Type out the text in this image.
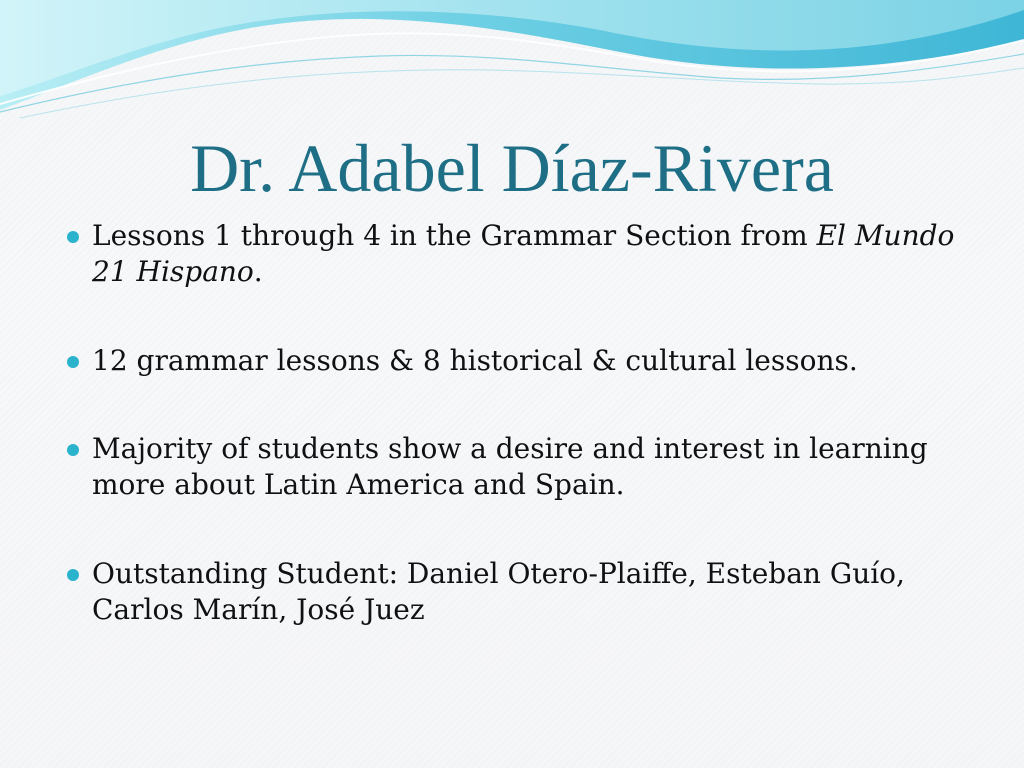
Dr. Adabel Díaz-Rivera
Lessons 1 through 4 in the Grammar Section from El Mundo 21 Hispano.
12 grammar lessons & 8 historical & cultural lessons.
Majority of students show a desire and interest in learning more about Latin America and Spain.
Outstanding Student: Daniel Otero-Plaiffe, Esteban Guío, Carlos Marín, José Juez
